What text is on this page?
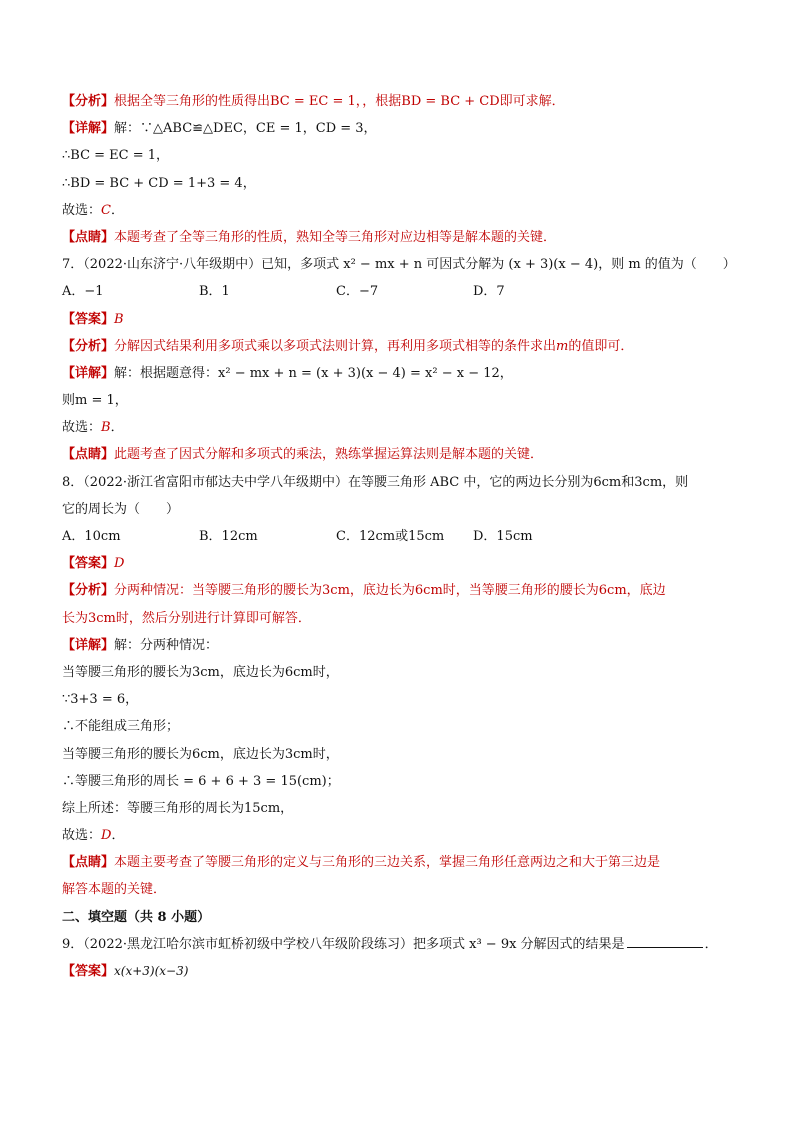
【分析】根据全等三角形的性质得出BC = EC = 1，，根据BD = BC + CD即可求解．
【详解】解：∵△ABC≌△DEC，CE = 1，CD = 3，
∴BC = EC = 1，
∴BD = BC + CD = 1+3 = 4，
故选：C．
【点睛】本题考查了全等三角形的性质，熟知全等三角形对应边相等是解本题的关键．
7．（2022·山东济宁·八年级期中）已知，多项式 x² − mx + n 可因式分解为 (x + 3)(x − 4)，则 m 的值为（　　）
A．−1	B．1	C．−7	D．7
【答案】B
【分析】分解因式结果利用多项式乘以多项式法则计算，再利用多项式相等的条件求出m的值即可．
【详解】解：根据题意得：x² − mx + n = (x + 3)(x − 4) = x² − x − 12，
则m = 1，
故选：B．
【点睛】此题考查了因式分解和多项式的乘法，熟练掌握运算法则是解本题的关键．
8．（2022·浙江省富阳市郁达夫中学八年级期中）在等腰三角形 ABC 中，它的两边长分别为6cm和3cm，则
它的周长为（　　）
A．10cm	B．12cm	C．12cm或15cm	D．15cm
【答案】D
【分析】分两种情况：当等腰三角形的腰长为3cm，底边长为6cm时，当等腰三角形的腰长为6cm，底边
长为3cm时，然后分别进行计算即可解答．
【详解】解：分两种情况：
当等腰三角形的腰长为3cm，底边长为6cm时，
∵3+3 = 6，
∴不能组成三角形；
当等腰三角形的腰长为6cm，底边长为3cm时，
∴等腰三角形的周长 = 6 + 6 + 3 = 15(cm)；
综上所述：等腰三角形的周长为15cm，
故选：D．
【点睛】本题主要考查了等腰三角形的定义与三角形的三边关系，掌握三角形任意两边之和大于第三边是
解答本题的关键．
二、填空题（共 8 小题）
9．（2022·黑龙江哈尔滨市虹桥初级中学校八年级阶段练习）把多项式 x³ − 9x 分解因式的结果是	．
【答案】x(x+3)(x−3)
